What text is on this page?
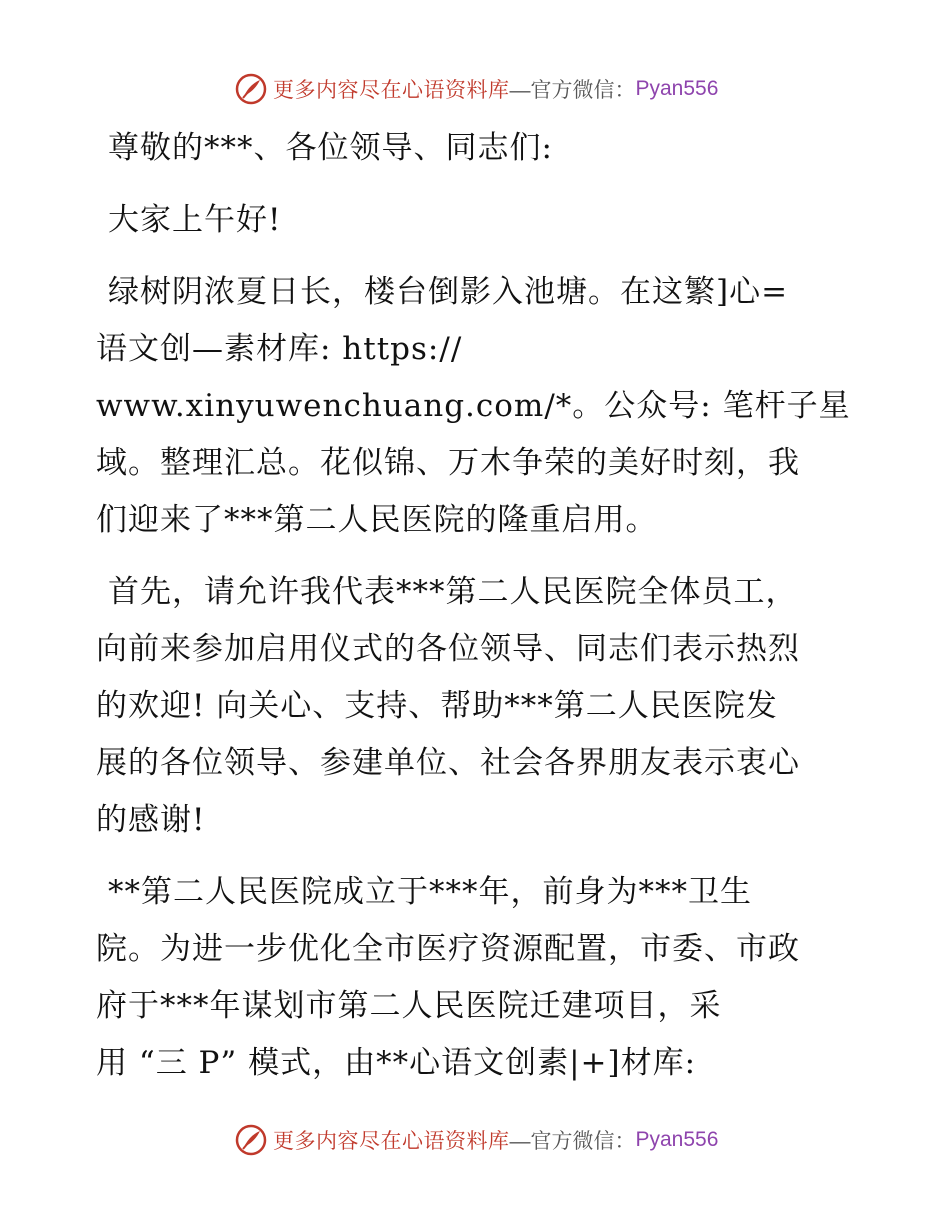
更多内容尽在心语资料库 —官方微信： Pyan556

尊敬的***、各位领导、同志们:

大家上午好!

绿树阴浓夏日长，楼台倒影入池塘。在这繁]心=
语文创—素材库: https://
www.xinyuwenchuang.com/*。公众号: 笔杆子星
域。整理汇总。花似锦、万木争荣的美好时刻，我
们迎来了***第二人民医院的隆重启用。

首先，请允许我代表***第二人民医院全体员工，
向前来参加启用仪式的各位领导、同志们表示热烈
的欢迎! 向关心、支持、帮助***第二人民医院发
展的各位领导、参建单位、社会各界朋友表示衷心
的感谢!

**第二人民医院成立于***年，前身为***卫生
院。为进一步优化全市医疗资源配置，市委、市政
府于***年谋划市第二人民医院迁建项目，采
用 “三 P” 模式，由**心语文创素|+]材库:

更多内容尽在心语资料库 —官方微信： Pyan556
